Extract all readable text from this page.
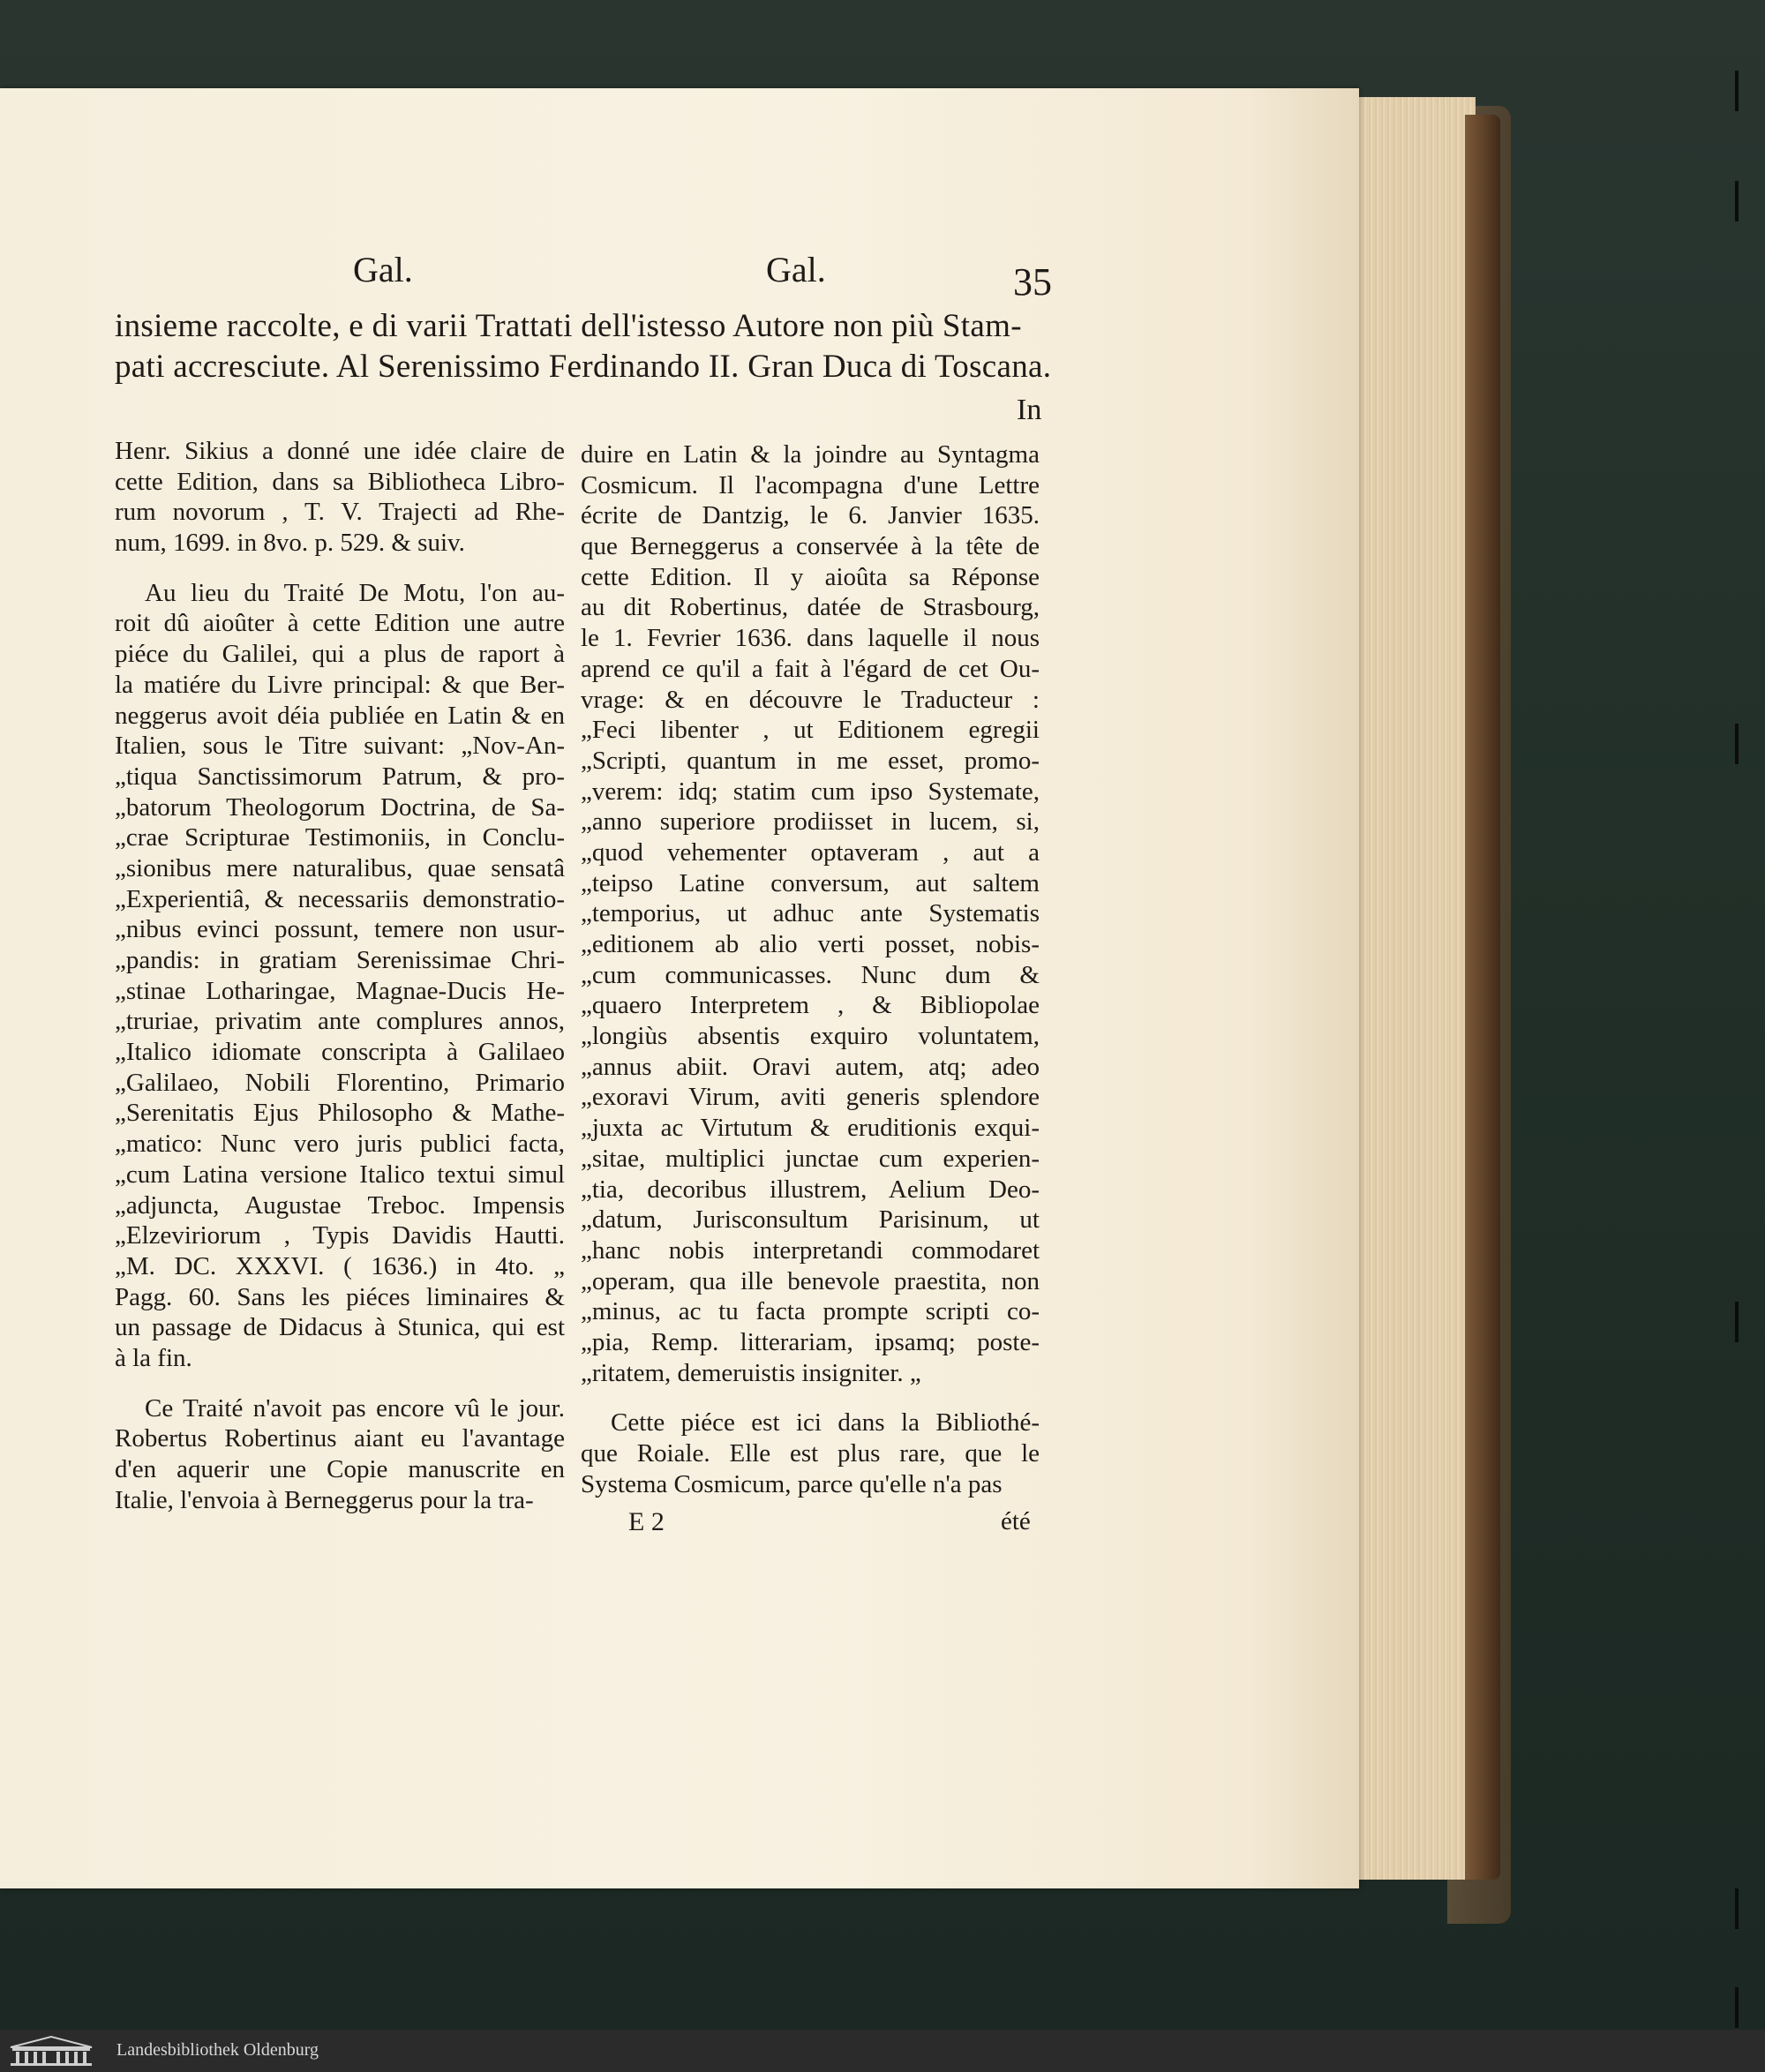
Gal.	Gal.	35
insieme raccolte, e di varii Trattati dell'istesso Autore non più Stam-
pati accresciute. Al Serenissimo Ferdinando II. Gran Duca di Toscana.
In
Henr. Sikius a donné une idée claire de
cette Edition, dans sa Bibliotheca Libro-
rum novorum , T. V. Trajecti ad Rhe-
num, 1699. in 8vo. p. 529. & suiv.
Au lieu du Traité De Motu, l'on au-
roit dû aioûter à cette Edition une autre
piéce du Galilei, qui a plus de raport à
la matiére du Livre principal: & que Ber-
neggerus avoit déia publiée en Latin & en
Italien, sous le Titre suivant: „Nov-An-
„tiqua Sanctissimorum Patrum, & pro-
„batorum Theologorum Doctrina, de Sa-
„crae Scripturae Testimoniis, in Conclu-
„sionibus mere naturalibus, quae sensatâ
„Experientiâ, & necessariis demonstratio-
„nibus evinci possunt, temere non usur-
„pandis: in gratiam Serenissimae Chri-
„stinae Lotharingae, Magnae-Ducis He-
„truriae, privatim ante complures annos,
„Italico idiomate conscripta à Galilaeo
„Galilaeo, Nobili Florentino, Primario
„Serenitatis Ejus Philosopho & Mathe-
„matico: Nunc vero juris publici facta,
„cum Latina versione Italico textui simul
„adjuncta, Augustae Treboc. Impensis
„Elzeviriorum , Typis Davidis Hautti.
„M. DC. XXXVI. ( 1636.) in 4to. „
Pagg. 60. Sans les piéces liminaires &
un passage de Didacus à Stunica, qui est
à la fin.
Ce Traité n'avoit pas encore vû le jour.
Robertus Robertinus aiant eu l'avantage
d'en aquerir une Copie manuscrite en
Italie, l'envoia à Berneggerus pour la tra-
duire en Latin & la joindre au Syntagma
Cosmicum. Il l'acompagna d'une Lettre
écrite de Dantzig, le 6. Janvier 1635.
que Berneggerus a conservée à la tête de
cette Edition. Il y aioûta sa Réponse
au dit Robertinus, datée de Strasbourg,
le 1. Fevrier 1636. dans laquelle il nous
aprend ce qu'il a fait à l'égard de cet Ou-
vrage: & en découvre le Traducteur :
„Feci libenter , ut Editionem egregii
„Scripti, quantum in me esset, promo-
„verem: idq; statim cum ipso Systemate,
„anno superiore prodiisset in lucem, si,
„quod vehementer optaveram , aut a
„teipso Latine conversum, aut saltem
„temporius, ut adhuc ante Systematis
„editionem ab alio verti posset, nobis-
„cum communicasses. Nunc dum &
„quaero Interpretem , & Bibliopolae
„longiùs absentis exquiro voluntatem,
„annus abiit. Oravi autem, atq; adeo
„exoravi Virum, aviti generis splendore
„juxta ac Virtutum & eruditionis exqui-
„sitae, multiplici junctae cum experien-
„tia, decoribus illustrem, Aelium Deo-
„datum, Jurisconsultum Parisinum, ut
„hanc nobis interpretandi commodaret
„operam, qua ille benevole praestita, non
„minus, ac tu facta prompte scripti co-
„pia, Remp. litterariam, ipsamq; poste-
„ritatem, demeruistis insigniter. „
Cette piéce est ici dans la Bibliothé-
que Roiale. Elle est plus rare, que le
Systema Cosmicum, parce qu'elle n'a pas
E 2	été
Landesbibliothek Oldenburg
